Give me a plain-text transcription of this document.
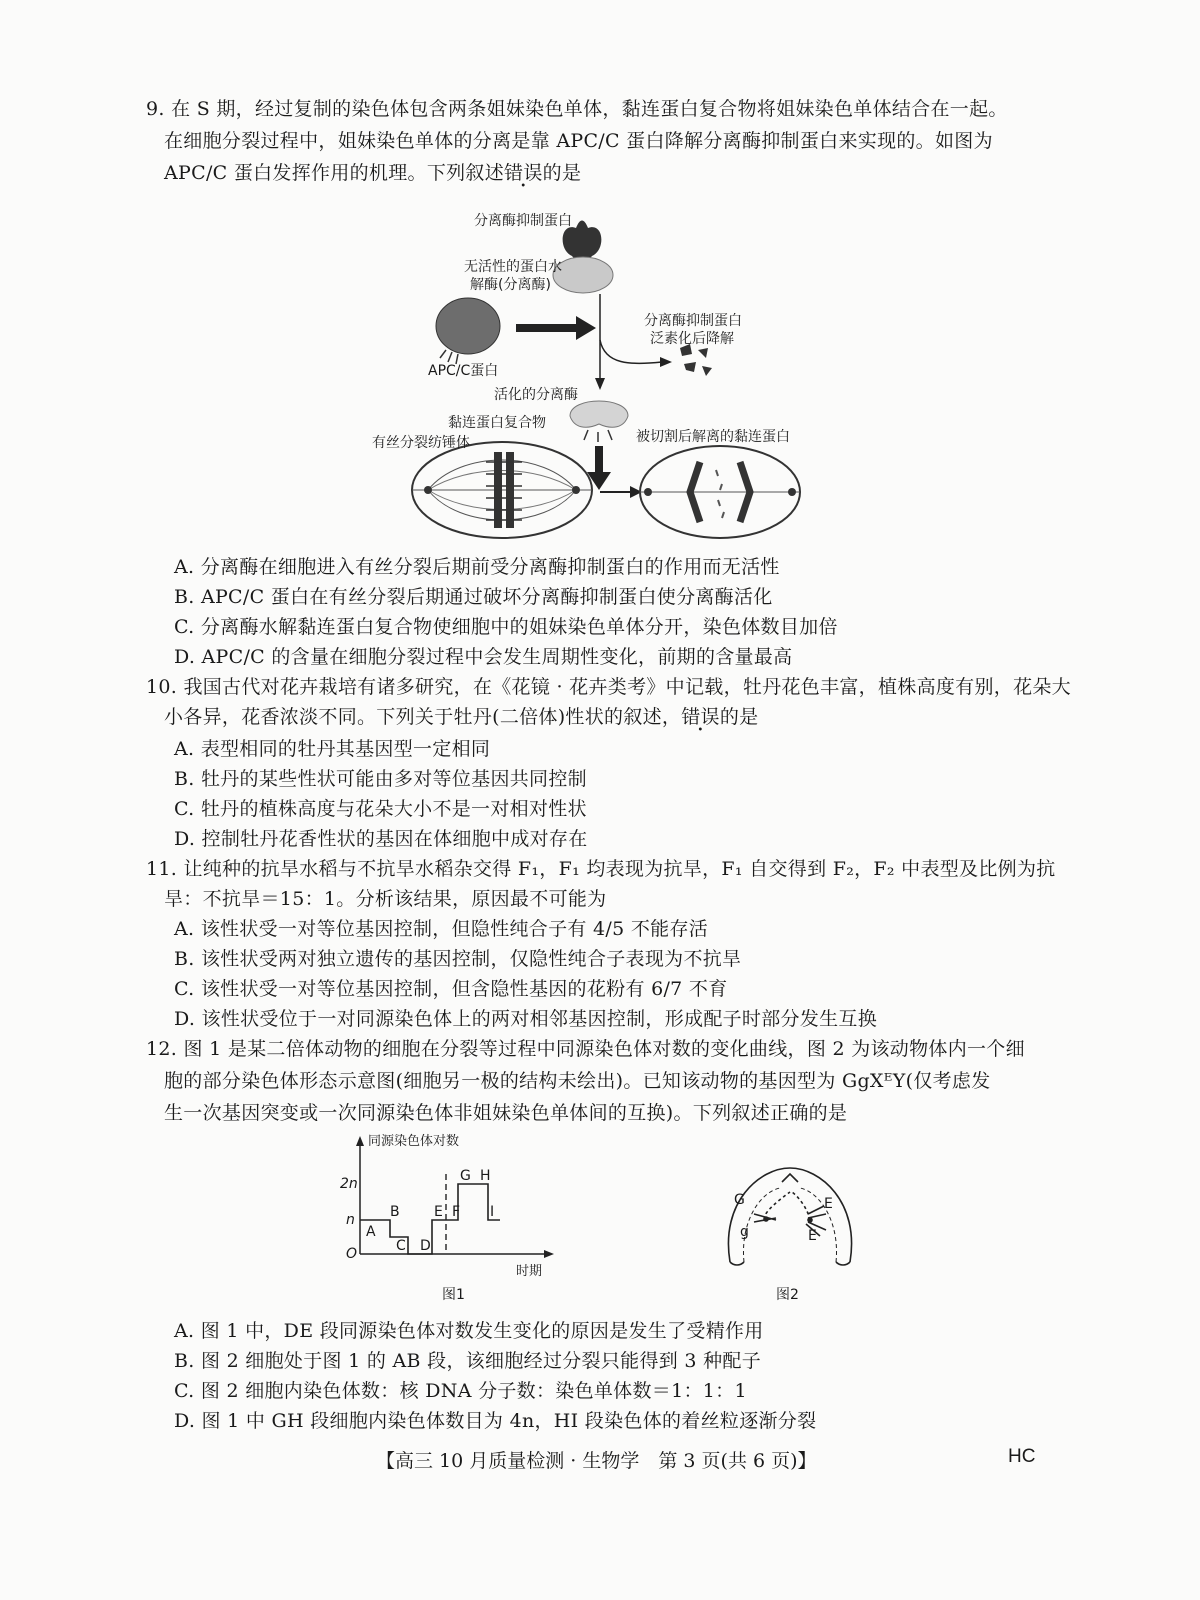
9. 在 S 期，经过复制的染色体包含两条姐妹染色单体，黏连蛋白复合物将姐妹染色单体结合在一起。
在细胞分裂过程中，姐妹染色单体的分离是靠 APC/C 蛋白降解分离酶抑制蛋白来实现的。如图为
APC/C 蛋白发挥作用的机理。下列叙述错误的是
分离酶抑制蛋白
无活性的蛋白水
解酶(分离酶)
分离酶抑制蛋白
泛素化后降解
APC/C蛋白
活化的分离酶
黏连蛋白复合物
有丝分裂纺锤体	被切割后解离的黏连蛋白
A. 分离酶在细胞进入有丝分裂后期前受分离酶抑制蛋白的作用而无活性
B. APC/C 蛋白在有丝分裂后期通过破坏分离酶抑制蛋白使分离酶活化
C. 分离酶水解黏连蛋白复合物使细胞中的姐妹染色单体分开，染色体数目加倍
D. APC/C 的含量在细胞分裂过程中会发生周期性变化，前期的含量最高
10. 我国古代对花卉栽培有诸多研究，在《花镜 · 花卉类考》中记载，牡丹花色丰富，植株高度有别，花朵大
小各异，花香浓淡不同。下列关于牡丹(二倍体)性状的叙述，错误的是
A. 表型相同的牡丹其基因型一定相同
B. 牡丹的某些性状可能由多对等位基因共同控制
C. 牡丹的植株高度与花朵大小不是一对相对性状
D. 控制牡丹花香性状的基因在体细胞中成对存在
11. 让纯种的抗旱水稻与不抗旱水稻杂交得 F₁，F₁ 均表现为抗旱，F₁ 自交得到 F₂，F₂ 中表型及比例为抗
旱：不抗旱＝15：1。分析该结果，原因最不可能为
A. 该性状受一对等位基因控制，但隐性纯合子有 4/5 不能存活
B. 该性状受两对独立遗传的基因控制，仅隐性纯合子表现为不抗旱
C. 该性状受一对等位基因控制，但含隐性基因的花粉有 6/7 不育
D. 该性状受位于一对同源染色体上的两对相邻基因控制，形成配子时部分发生互换
12. 图 1 是某二倍体动物的细胞在分裂等过程中同源染色体对数的变化曲线，图 2 为该动物体内一个细
胞的部分染色体形态示意图(细胞另一极的结构未绘出)。已知该动物的基因型为 GgXᴱY(仅考虑发
生一次基因突变或一次同源染色体非姐妹染色单体间的互换)。下列叙述正确的是
同源染色体对数
时期
2n
n
O
A
B
C D
E F
G H
I
图1
G
g
E
E
图2
A. 图 1 中，DE 段同源染色体对数发生变化的原因是发生了受精作用
B. 图 2 细胞处于图 1 的 AB 段，该细胞经过分裂只能得到 3 种配子
C. 图 2 细胞内染色体数：核 DNA 分子数：染色单体数＝1：1：1
D. 图 1 中 GH 段细胞内染色体数目为 4n，HI 段染色体的着丝粒逐渐分裂
【高三 10 月质量检测 · 生物学　第 3 页(共 6 页)】	HC
